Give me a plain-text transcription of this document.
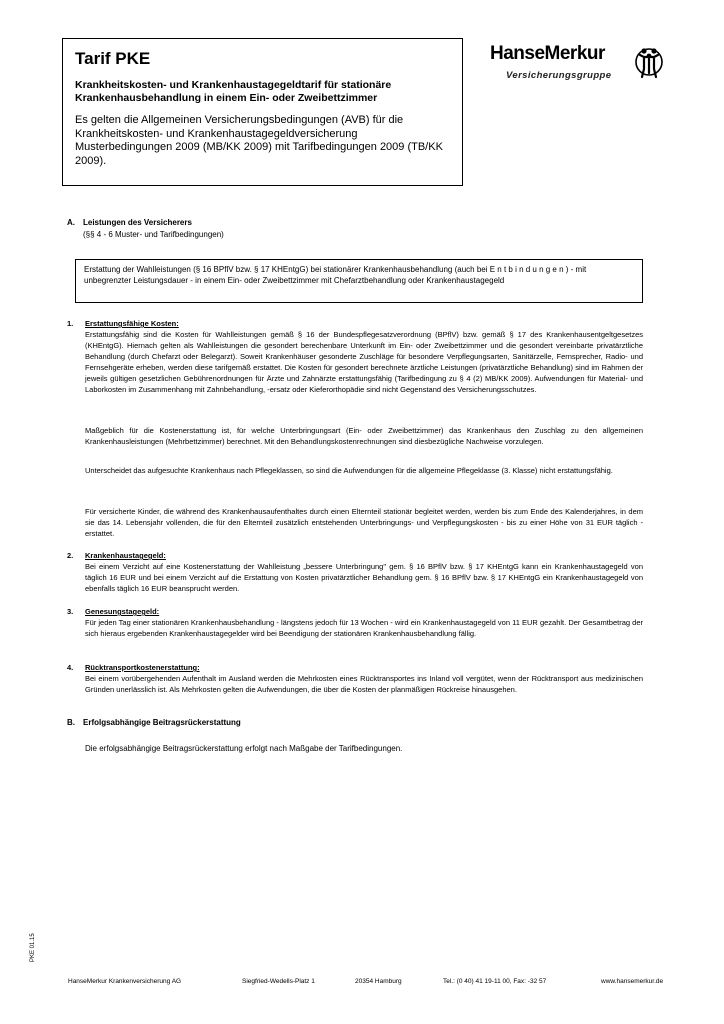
Tarif PKE
Krankheitskosten- und Krankenhaustagegeldtarif für stationäre Krankenhausbehandlung in einem Ein- oder Zweibettzimmer
Es gelten die Allgemeinen Versicherungsbedingungen (AVB) für die Krankheitskosten- und Krankenhaustagegeldversicherung Musterbedingungen 2009 (MB/KK 2009) mit Tarifbedingungen 2009 (TB/KK 2009).
HanseMerkur
Versicherungsgruppe
A. Leistungen des Versicherers
(§§ 4 - 6 Muster- und Tarifbedingungen)
Erstattung der Wahlleistungen (§ 16 BPflV bzw. § 17 KHEntgG) bei stationärer Krankenhausbehandlung (auch bei E n t b i n d u n g e n ) - mit unbegrenzter Leistungsdauer - in einem Ein- oder Zweibettzimmer mit Chefarztbehandlung oder Krankenhaustagegeld
1. Erstattungsfähige Kosten:
Erstattungsfähig sind die Kosten für Wahlleistungen gemäß § 16 der Bundespflegesatzverordnung (BPflV) bzw. gemäß § 17 des Krankenhausentgeltgesetzes (KHEntgG). Hiernach gelten als Wahlleistungen die gesondert berechenbare Unterkunft im Ein- oder Zweibettzimmer und die gesondert vereinbarte privatärztliche Behandlung (durch Chefarzt oder Belegarzt). Soweit Krankenhäuser gesonderte Zuschläge für besondere Verpflegungsarten, Sanitärzelle, Fernsprecher, Radio- und Fernsehgeräte erheben, werden diese tarifgemäß erstattet. Die Kosten für gesondert berechnete ärztliche Leistungen (privatärztliche Behandlung) sind im Rahmen der jeweils gültigen gesetzlichen Gebührenordnungen für Ärzte und Zahnärzte erstattungsfähig (Tarifbedingung zu § 4 (2) MB/KK 2009). Aufwendungen für Material- und Laborkosten im Zusammenhang mit Zahnbehandlung, -ersatz oder Kieferorthopädie sind nicht Gegenstand des Versicherungsschutzes.
Maßgeblich für die Kostenerstattung ist, für welche Unterbringungsart (Ein- oder Zweibettzimmer) das Krankenhaus den Zuschlag zu den allgemeinen Krankenhausleistungen (Mehrbettzimmer) berechnet. Mit den Behandlungskostenrechnungen sind diesbezügliche Nachweise vorzulegen.
Unterscheidet das aufgesuchte Krankenhaus nach Pflegeklassen, so sind die Aufwendungen für die allgemeine Pflegeklasse (3. Klasse) nicht erstattungsfähig.
Für versicherte Kinder, die während des Krankenhausaufenthaltes durch einen Elternteil stationär begleitet werden, werden bis zum Ende des Kalenderjahres, in dem sie das 14. Lebensjahr vollenden, die für den Elternteil zusätzlich entstehenden Unterbringungs- und Verpflegungskosten - bis zu einer Höhe von 31 EUR täglich - erstattet.
2. Krankenhaustagegeld:
Bei einem Verzicht auf eine Kostenerstattung der Wahlleistung „bessere Unterbringung" gem. § 16 BPflV bzw. § 17 KHEntgG kann ein Krankenhaustagegeld von täglich 16 EUR und bei einem Verzicht auf die Erstattung von Kosten privatärztlicher Behandlung gem. § 16 BPflV bzw. § 17 KHEntgG ein Krankenhaustagegeld von ebenfalls täglich 16 EUR beansprucht werden.
3. Genesungstagegeld:
Für jeden Tag einer stationären Krankenhausbehandlung - längstens jedoch für 13 Wochen - wird ein Krankenhaustagegeld von 11 EUR gezahlt. Der Gesamtbetrag der sich hieraus ergebenden Krankenhaustagegelder wird bei Beendigung der stationären Krankenhausbehandlung fällig.
4. Rücktransportkostenerstattung:
Bei einem vorübergehenden Aufenthalt im Ausland werden die Mehrkosten eines Rücktransportes ins Inland voll vergütet, wenn der Rücktransport aus medizinischen Gründen unerlässlich ist. Als Mehrkosten gelten die Aufwendungen, die über die Kosten der planmäßigen Rückreise hinausgehen.
B. Erfolgsabhängige Beitragsrückerstattung
Die erfolgsabhängige Beitragsrückerstattung erfolgt nach Maßgabe der Tarifbedingungen.
PKE 01.15
HanseMerkur Krankenversicherung AG	Siegfried-Wedells-Platz 1	20354 Hamburg	Tel.: (0 40) 41 19-11 00, Fax: -32 57	www.hansemerkur.de
